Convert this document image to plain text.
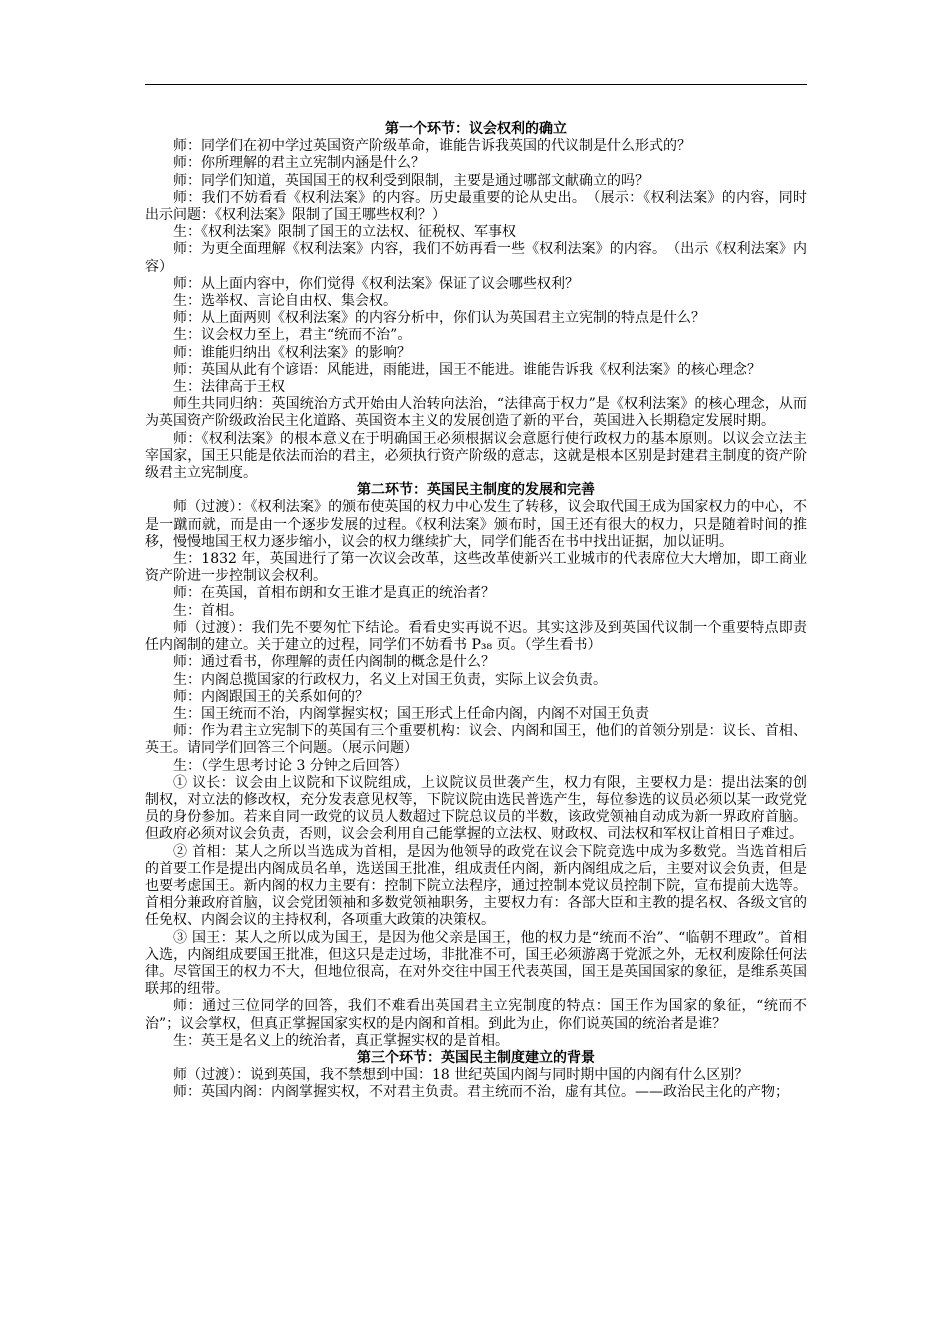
第一个环节：议会权利的确立

师：同学们在初中学过英国资产阶级革命，谁能告诉我英国的代议制是什么形式的？

师：你所理解的君主立宪制内涵是什么？

师：同学们知道，英国国王的权利受到限制，主要是通过哪部文献确立的吗？

师：我们不妨看看《权利法案》的内容。历史最重要的论从史出。　（展示：《权利法案》的内容，同时出示问题：《权利法案》限制了国王哪些权利？）

生：《权利法案》限制了国王的立法权、征税权、军事权

师：为更全面理解《权利法案》内容，我们不妨再看一些《权利法案》的内容。　（出示《权利法案》内容）

师：从上面内容中，你们觉得《权利法案》保证了议会哪些权利？

生：选举权、言论自由权、集会权。

师：从上面两则《权利法案》的内容分析中，你们认为英国君主立宪制的特点是什么？

生：议会权力至上，君主“统而不治”。

师：谁能归纳出《权利法案》的影响？

师：英国从此有个谚语：风能进，雨能进，国王不能进。谁能告诉我《权利法案》的核心理念？

生：法律高于王权

师生共同归纳：英国统治方式开始由人治转向法治，“法律高于权力”是《权利法案》的核心理念，从而为英国资产阶级政治民主化道路、英国资本主义的发展创造了新的平台，英国进入长期稳定发展时期。

师：《权利法案》的根本意义在于明确国王必须根据议会意愿行使行政权力的基本原则。以议会立法主宰国家，国王只能是依法而治的君主，必须执行资产阶级的意志，这就是根本区别是封建君主制度的资产阶级君主立宪制度。

第二环节：英国民主制度的发展和完善

师（过渡）：《权利法案》的颁布使英国的权力中心发生了转移，议会取代国王成为国家权力的中心，不是一蹴而就，而是由一个逐步发展的过程。《权利法案》颁布时，国王还有很大的权力，只是随着时间的推移，慢慢地国王权力逐步缩小，议会的权力继续扩大，同学们能否在书中找出证据，加以证明。

生：1832 年，英国进行了第一次议会改革，这些改革使新兴工业城市的代表席位大大增加，即工商业资产阶进一步控制议会权利。

师：在英国，首相布朗和女王谁才是真正的统治者？

生：首相。

师（过渡）：我们先不要匆忙下结论。看看史实再说不迟。其实这涉及到英国代议制一个重要特点即责任内阁制的建立。关于建立的过程，同学们不妨看书 P₃₈ 页。（学生看书）

师：通过看书，你理解的责任内阁制的概念是什么？

生：内阁总揽国家的行政权力，名义上对国王负责，实际上议会负责。

师：内阁跟国王的关系如何的？

生：国王统而不治，内阁掌握实权；国王形式上任命内阁，内阁不对国王负责

师：作为君主立宪制下的英国有三个重要机构：议会、内阁和国王，他们的首领分别是：议长、首相、英王。请同学们回答三个问题。（展示问题）

生：（学生思考讨论 3 分钟之后回答）

① 议长：议会由上议院和下议院组成，上议院议员世袭产生，权力有限，主要权力是：提出法案的创制权，对立法的修改权，充分发表意见权等，下院议院由选民普选产生，每位参选的议员必须以某一政党党员的身份参加。若来自同一政党的议员人数超过下院总议员的半数，该政党领袖自动成为新一界政府首脑。但政府必须对议会负责，否则，议会会利用自己能掌握的立法权、财政权、司法权和军权让首相日子难过。

② 首相：某人之所以当选成为首相，是因为他领导的政党在议会下院竞选中成为多数党。当选首相后的首要工作是提出内阁成员名单，选送国王批准，组成责任内阁，新内阁组成之后，主要对议会负责，但是也要考虑国王。新内阁的权力主要有：控制下院立法程序，通过控制本党议员控制下院，宣布提前大选等。首相分兼政府首脑，议会党团领袖和多数党领袖职务，主要权力有：各部大臣和主教的提名权、各级文官的任免权、内阁会议的主持权利，各项重大政策的决策权。

③ 国王：某人之所以成为国王，是因为他父亲是国王，他的权力是“统而不治”、“临朝不理政”。首相入选，内阁组成要国王批准，但这只是走过场，非批准不可，国王必须游离于党派之外，无权利废除任何法律。尽管国王的权力不大，但地位很高，在对外交往中国王代表英国，国王是英国国家的象征，是维系英国联邦的纽带。

师：通过三位同学的回答，我们不难看出英国君主立宪制度的特点：国王作为国家的象征，“统而不治”；议会掌权，但真正掌握国家实权的是内阁和首相。到此为止，你们说英国的统治者是谁？

生：英王是名义上的统治者，真正掌握实权的是首相。

第三个环节：英国民主制度建立的背景

师（过渡）：说到英国，我不禁想到中国：18 世纪英国内阁与同时期中国的内阁有什么区别？

师：英国内阁：内阁掌握实权，不对君主负责。君主统而不治，虚有其位。——政治民主化的产物；
